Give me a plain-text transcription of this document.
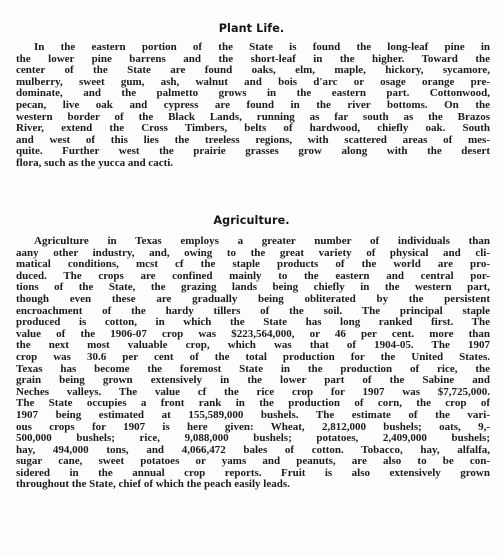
Plant Life.
In the eastern portion of the State is found the long-leaf pine in
the lower pine barrens and the short-leaf in the higher. Toward the
center of the State are found oaks, elm, maple, hickory, sycamore,
mulberry, sweet gum, ash, walnut and bois d'arc or osage orange pre-
dominate, and the palmetto grows in the eastern part. Cottonwood,
pecan, live oak and cypress are found in the river bottoms. On the
western border of the Black Lands, running as far south as the Brazos
River, extend the Cross Timbers, belts of hardwood, chiefly oak. South
and west of this lies the treeless regions, with scattered areas of mes-
quite. Further west the prairie grasses grow along with the desert
flora, such as the yucca and cacti.
Agriculture.
Agriculture in Texas employs a greater number of individuals than
aany other industry, and, owing to the great variety of physical and cli-
matical conditions, mcst cf the staple products of the world are pro-
duced. The crops are confined mainly to the eastern and central por-
tions of the State, the grazing lands being chiefly in the western part,
though even these are gradually being obliterated by the persistent
encroachment of the hardy tillers of the soil. The principal staple
produced is cotton, in which the State has long ranked first. The
value of the 1906-07 crop was $223,564,000, or 46 per cent. more than
the next most valuable crop, which was that of 1904-05. The 1907
crop was 30.6 per cent of the total production for the United States.
Texas has become the foremost State in the production of rice, the
grain being grown extensively in the lower part of the Sabine and
Neches valleys. The value cf the rice crop for 1907 was $7,725,000.
The State occupies a front rank in the production of corn, the crop of
1907 being estimated at 155,589,000 bushels. The estimate of the vari-
ous crops for 1907 is here given: Wheat, 2,812,000 bushels; oats, 9,-
500,000 bushels; rice, 9,088,000 bushels; potatoes, 2,409,000 bushels;
hay, 494,000 tons, and 4,066,472 bales of cotton. Tobacco, hay, alfalfa,
sugar cane, sweet potatoes or yams and peanuts, are also to be con-
sidered in the annual crop reports. Fruit is also extensively grown
throughout the State, chief of which the peach easily leads.
